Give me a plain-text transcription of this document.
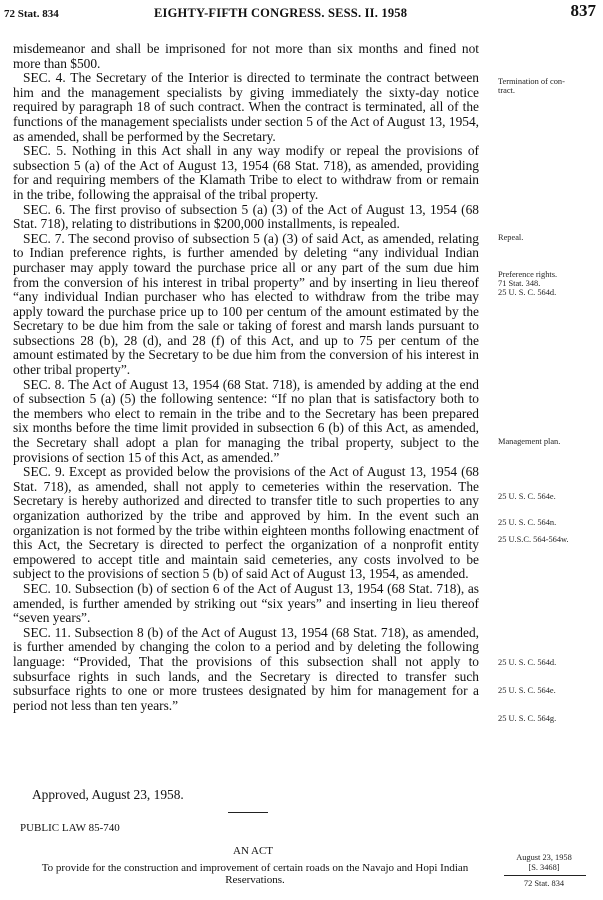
72 Stat. 834	EIGHTY-FIFTH CONGRESS. SESS. II. 1958	837

misdemeanor and shall be imprisoned for not more than six months and fined not more than $500.

SEC. 4. The Secretary of the Interior is directed to terminate the contract between him and the management specialists by giving immediately the sixty-day notice required by paragraph 18 of such contract. When the contract is terminated, all of the functions of the management specialists under section 5 of the Act of August 13, 1954, as amended, shall be performed by the Secretary.

SEC. 5. Nothing in this Act shall in any way modify or repeal the provisions of subsection 5 (a) of the Act of August 13, 1954 (68 Stat. 718), as amended, providing for and requiring members of the Klamath Tribe to elect to withdraw from or remain in the tribe, following the appraisal of the tribal property.

SEC. 6. The first proviso of subsection 5 (a) (3) of the Act of August 13, 1954 (68 Stat. 718), relating to distributions in $200,000 installments, is repealed.

SEC. 7. The second proviso of subsection 5 (a) (3) of said Act, as amended, relating to Indian preference rights, is further amended by deleting “any individual Indian purchaser may apply toward the purchase price all or any part of the sum due him from the conversion of his interest in tribal property” and by inserting in lieu thereof “any individual Indian purchaser who has elected to withdraw from the tribe may apply toward the purchase price up to 100 per centum of the amount estimated by the Secretary to be due him from the sale or taking of forest and marsh lands pursuant to subsections 28 (b), 28 (d), and 28 (f) of this Act, and up to 75 per centum of the amount estimated by the Secretary to be due him from the conversion of his interest in other tribal property”.

SEC. 8. The Act of August 13, 1954 (68 Stat. 718), is amended by adding at the end of subsection 5 (a) (5) the following sentence: “If no plan that is satisfactory both to the members who elect to remain in the tribe and to the Secretary has been prepared six months before the time limit provided in subsection 6 (b) of this Act, as amended, the Secretary shall adopt a plan for managing the tribal property, subject to the provisions of section 15 of this Act, as amended.”

SEC. 9. Except as provided below the provisions of the Act of August 13, 1954 (68 Stat. 718), as amended, shall not apply to cemeteries within the reservation. The Secretary is hereby authorized and directed to transfer title to such properties to any organization authorized by the tribe and approved by him. In the event such an organization is not formed by the tribe within eighteen months following enactment of this Act, the Secretary is directed to perfect the organization of a nonprofit entity empowered to accept title and maintain said cemeteries, any costs involved to be subject to the provisions of section 5 (b) of said Act of August 13, 1954, as amended.

SEC. 10. Subsection (b) of section 6 of the Act of August 13, 1954 (68 Stat. 718), as amended, is further amended by striking out “six years” and inserting in lieu thereof “seven years”.

SEC. 11. Subsection 8 (b) of the Act of August 13, 1954 (68 Stat. 718), as amended, is further amended by changing the colon to a period and by deleting the following language: “Provided, That the provisions of this subsection shall not apply to subsurface rights in such lands, and the Secretary is directed to transfer such subsurface rights to one or more trustees designated by him for management for a period not less than ten years.”

Approved, August 23, 1958.
PUBLIC LAW 85-740
AN ACT
To provide for the construction and improvement of certain roads on the Navajo and Hopi Indian Reservations.
Termination of con-
tract.
Repeal.
Preference rights.
71 Stat. 348.
25 U. S. C. 564d.
Management plan.
25 U. S. C. 564e.
25 U. S. C. 564n.
25 U.S.C. 564-564w.
25 U. S. C. 564d.
25 U. S. C. 564e.
25 U. S. C. 564g.
August 23, 1958
[S. 3468]
72 Stat. 834
